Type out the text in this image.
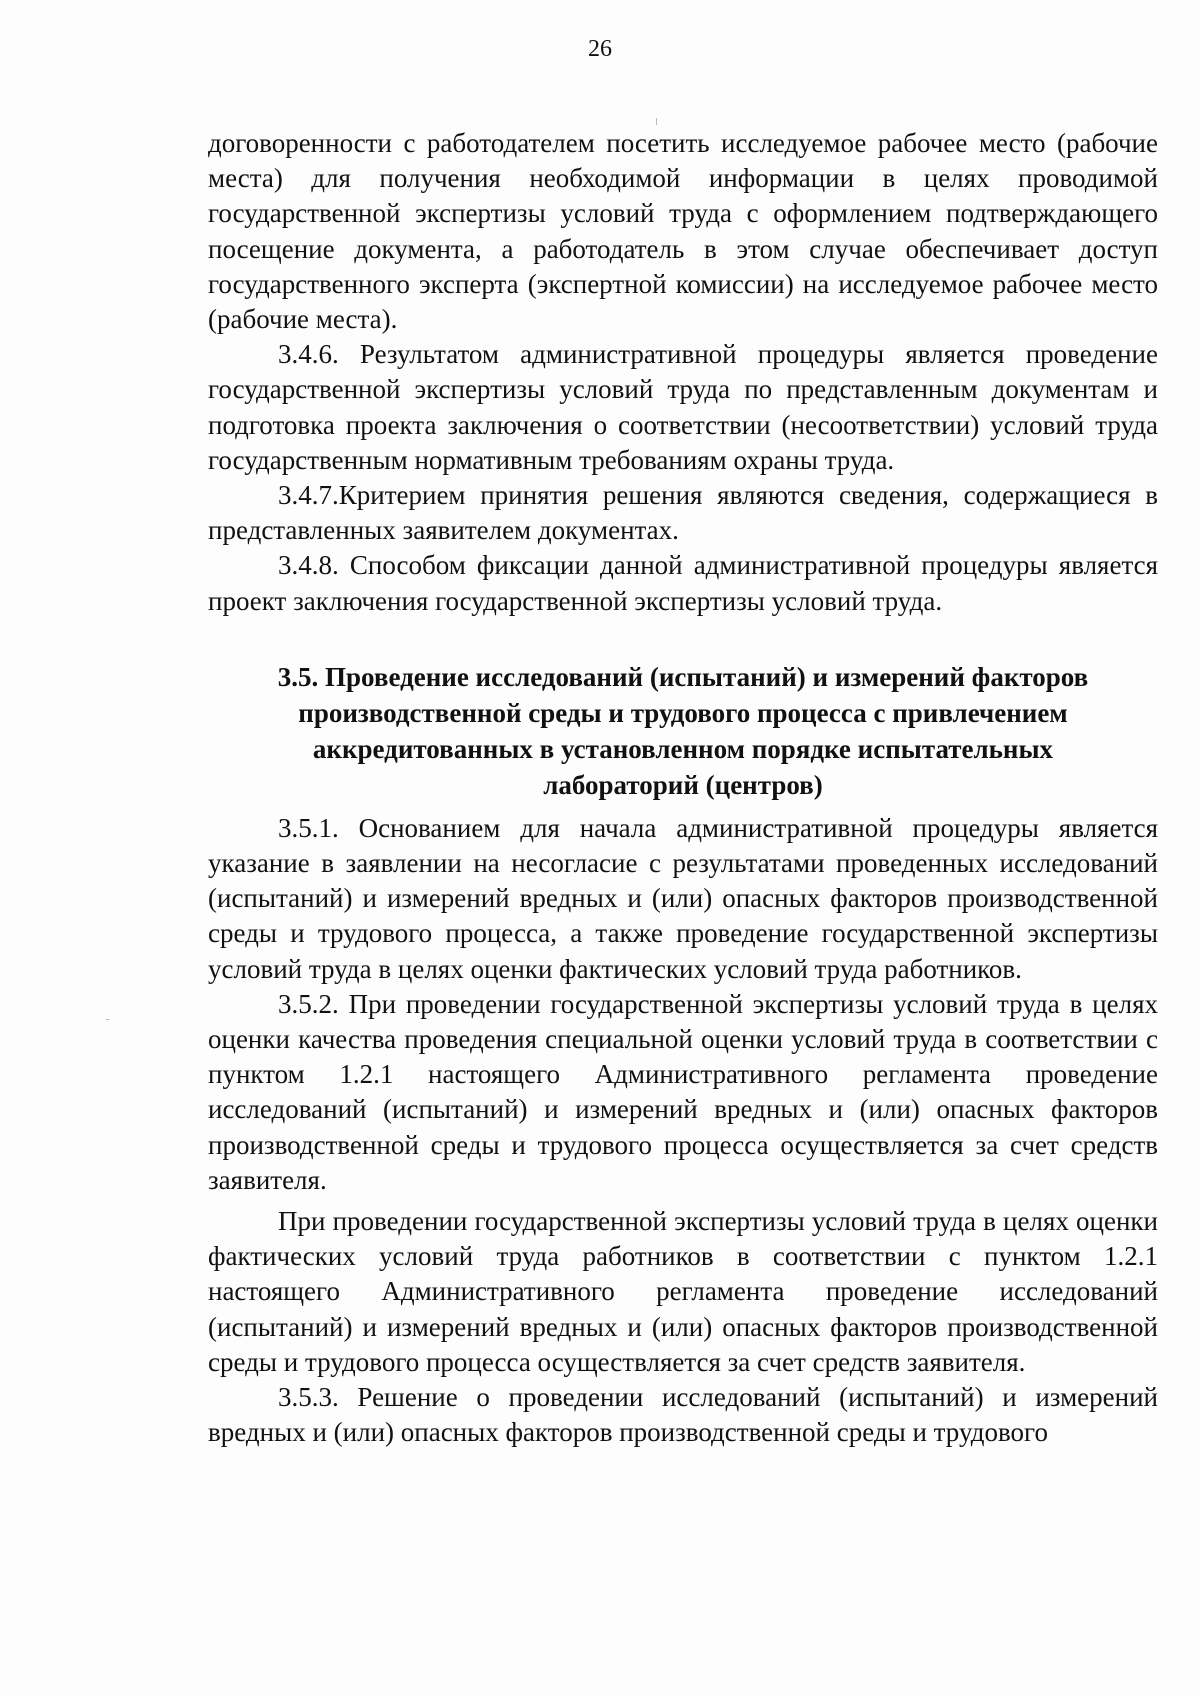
26

договоренности с работодателем посетить исследуемое рабочее место (рабочие места) для получения необходимой информации в целях проводимой государственной экспертизы условий труда с оформлением подтверждающего посещение документа, а работодатель в этом случае обеспечивает доступ государственного эксперта (экспертной комиссии) на исследуемое рабочее место (рабочие места).

3.4.6. Результатом административной процедуры является проведение государственной экспертизы условий труда по представленным документам и подготовка проекта заключения о соответствии (несоответствии) условий труда государственным нормативным требованиям охраны труда.

3.4.7.Критерием принятия решения являются сведения, содержащиеся в представленных заявителем документах.

3.4.8. Способом фиксации данной административной процедуры является проект заключения государственной экспертизы условий труда.

3.5. Проведение исследований (испытаний) и измерений факторов производственной среды и трудового процесса с привлечением аккредитованных в установленном порядке испытательных лабораторий (центров)

3.5.1. Основанием для начала административной процедуры является указание в заявлении на несогласие с результатами проведенных исследований (испытаний) и измерений вредных и (или) опасных факторов производственной среды и трудового процесса, а также проведение государственной экспертизы условий труда в целях оценки фактических условий труда работников.

3.5.2. При проведении государственной экспертизы условий труда в целях оценки качества проведения специальной оценки условий труда в соответствии с пунктом 1.2.1 настоящего Административного регламента проведение исследований (испытаний) и измерений вредных и (или) опасных факторов производственной среды и трудового процесса осуществляется за счет средств заявителя.

При проведении государственной экспертизы условий труда в целях оценки фактических условий труда работников в соответствии с пунктом 1.2.1 настоящего Административного регламента проведение исследований (испытаний) и измерений вредных и (или) опасных факторов производственной среды и трудового процесса осуществляется за счет средств заявителя.

3.5.3. Решение о проведении исследований (испытаний) и измерений вредных и (или) опасных факторов производственной среды и трудового
